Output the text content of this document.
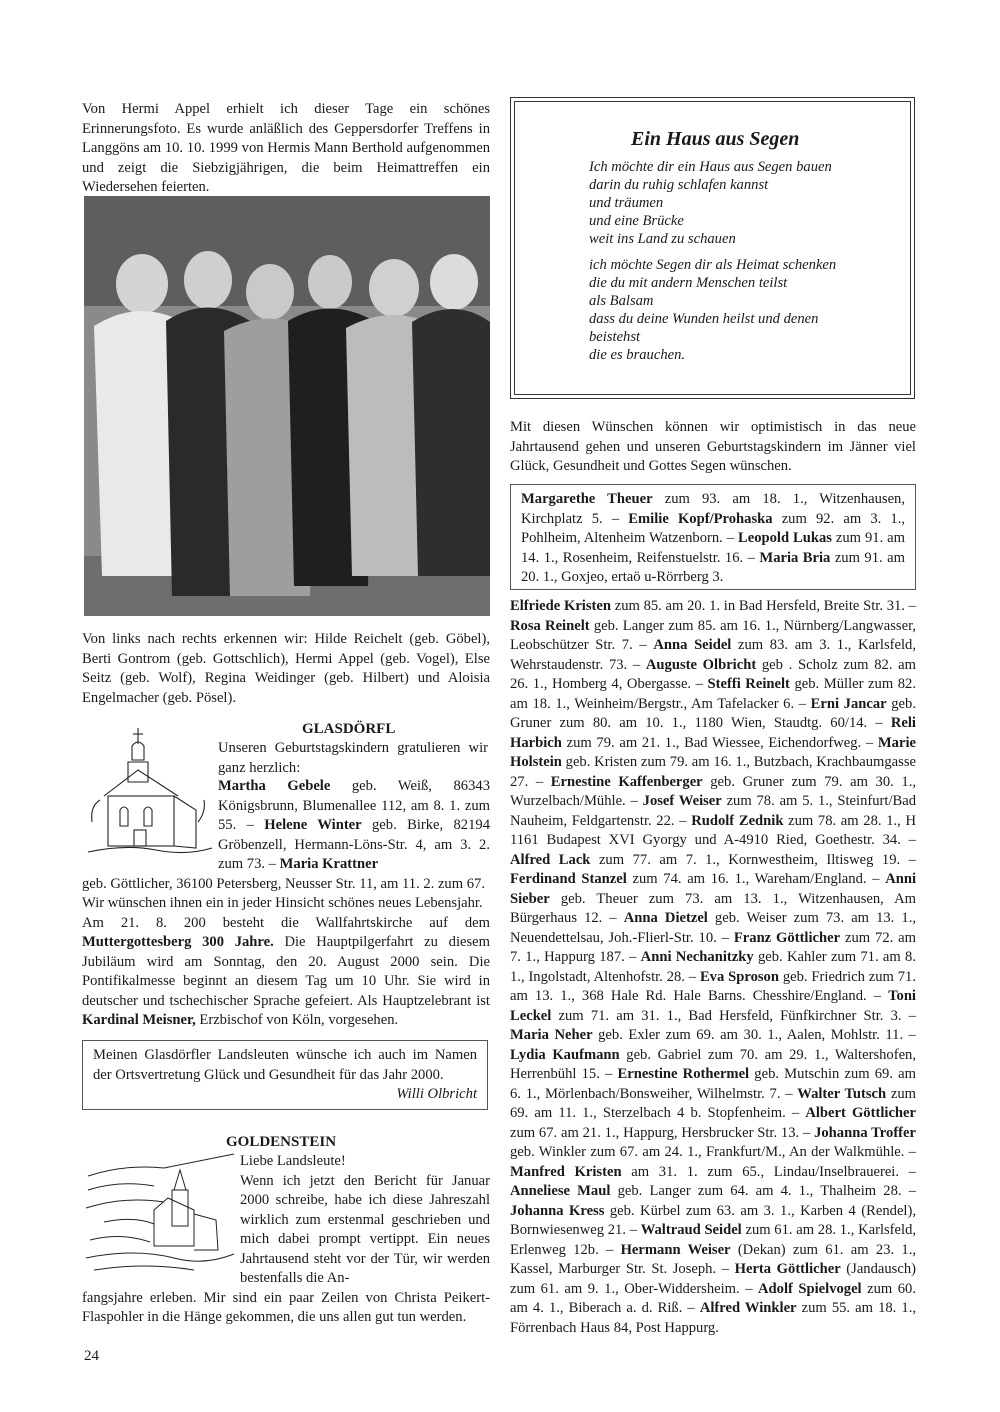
Von Hermi Appel erhielt ich dieser Tage ein schönes Erinnerungsfoto. Es wurde anläßlich des Geppersdorfer Treffens in Langgöns am 10. 10. 1999 von Hermis Mann Berthold aufgenommen und zeigt die Siebzigjährigen, die beim Heimattreffen ein Wiedersehen feierten.
Von links nach rechts erkennen wir: Hilde Reichelt (geb. Göbel), Berti Gontrom (geb. Gottschlich), Hermi Appel (geb. Vogel), Else Seitz (geb. Wolf), Regina Weidinger (geb. Hilbert) und Aloisia Engelmacher (geb. Pösel).
Ein Haus aus Segen
Ich möchte dir ein Haus aus Segen bauen
darin du ruhig schlafen kannst
und träumen
und eine Brücke
weit ins Land zu schauen
ich möchte Segen dir als Heimat schenken
die du mit andern Menschen teilst
als Balsam
dass du deine Wunden heilst und denen
beistehst
die es brauchen.
Mit diesen Wünschen können wir optimistisch in das neue Jahrtausend gehen und unseren Geburtstagskindern im Jänner viel Glück, Gesundheit und Gottes Segen wünschen.
Margarethe Theuer zum 93. am 18. 1., Witzenhausen, Kirchplatz 5. – Emilie Kopf/Prohaska zum 92. am 3. 1., Pohlheim, Altenheim Watzenborn. – Leopold Lukas zum 91. am 14. 1., Rosenheim, Reifenstuelstr. 16. – Maria Bria zum 91. am 20. 1., Goxjeo, ertaö u-Rörrberg 3.
Elfriede Kristen zum 85. am 20. 1. in Bad Hersfeld, Breite Str. 31. – Rosa Reinelt geb. Langer zum 85. am 16. 1., Nürnberg/Langwasser, Leobschützer Str. 7. – Anna Seidel zum 83. am 3. 1., Karlsfeld, Wehrstaudenstr. 73. – Auguste Olbricht geb . Scholz zum 82. am 26. 1., Homberg 4, Obergasse. – Steffi Reinelt geb. Müller zum 82. am 18. 1., Weinheim/Bergstr., Am Tafelacker 6. – Erni Jancar geb. Gruner zum 80. am 10. 1., 1180 Wien, Staudtg. 60/14. – Reli Harbich zum 79. am 21. 1., Bad Wiessee, Eichendorfweg. – Marie Holstein geb. Kristen zum 79. am 16. 1., Butzbach, Krachbaumgasse 27. – Ernestine Kaffenberger geb. Gruner zum 79. am 30. 1., Wurzelbach/Mühle. – Josef Weiser zum 78. am 5. 1., Steinfurt/Bad Nauheim, Feldgartenstr. 22. – Rudolf Zednik zum 78. am 28. 1., H 1161 Budapest XVI Gyorgy und A-4910 Ried, Goethestr. 34. – Alfred Lack zum 77. am 7. 1., Kornwestheim, Iltisweg 19. – Ferdinand Stanzel zum 74. am 16. 1., Wareham/England. – Anni Sieber geb. Theuer zum 73. am 13. 1., Witzenhausen, Am Bürgerhaus 12. – Anna Dietzel geb. Weiser zum 73. am 13. 1., Neuendettelsau, Joh.-Flierl-Str. 10. – Franz Göttlicher zum 72. am 7. 1., Happurg 187. – Anni Nechanitzky geb. Kahler zum 71. am 8. 1., Ingolstadt, Altenhofstr. 28. – Eva Sproson geb. Friedrich zum 71. am 13. 1., 368 Hale Rd. Hale Barns. Chesshire/England. – Toni Leckel zum 71. am 31. 1., Bad Hersfeld, Fünfkirchner Str. 3. – Maria Neher geb. Exler zum 69. am 30. 1., Aalen, Mohlstr. 11. – Lydia Kaufmann geb. Gabriel zum 70. am 29. 1., Waltershofen, Herrenbühl 15. – Ernestine Rothermel geb. Mutschin zum 69. am 6. 1., Mörlenbach/Bonsweiher, Wilhelmstr. 7. – Walter Tutsch zum 69. am 11. 1., Sterzelbach 4 b. Stopfenheim. – Albert Göttlicher zum 67. am 21. 1., Happurg, Hersbrucker Str. 13. – Johanna Troffer geb. Winkler zum 67. am 24. 1., Frankfurt/M., An der Walkmühle. – Manfred Kristen am 31. 1. zum 65., Lindau/Inselbrauerei. – Anneliese Maul geb. Langer zum 64. am 4. 1., Thalheim 28. – Johanna Kress geb. Kürbel zum 63. am 3. 1., Karben 4 (Rendel), Bornwiesenweg 21. – Waltraud Seidel zum 61. am 28. 1., Karlsfeld, Erlenweg 12b. – Hermann Weiser (Dekan) zum 61. am 23. 1., Kassel, Marburger Str. St. Joseph. – Herta Göttlicher (Jandausch) zum 61. am 9. 1., Ober-Widdersheim. – Adolf Spielvogel zum 60. am 4. 1., Biberach a. d. Riß. – Alfred Winkler zum 55. am 18. 1., Förrenbach Haus 84, Post Happurg.
GLASDÖRFL
Unseren Geburtstagskindern gratulieren wir ganz herzlich:
Martha Gebele geb. Weiß, 86343 Königsbrunn, Blumenallee 112, am 8. 1. zum 55. – Helene Winter geb. Birke, 82194 Gröbenzell, Hermann-Löns-Str. 4, am 3. 2. zum 73. – Maria Krattner
geb. Göttlicher, 36100 Petersberg, Neusser Str. 11, am 11. 2. zum 67.
Wir wünschen ihnen ein in jeder Hinsicht schönes neues Lebensjahr.
Am 21. 8. 200 besteht die Wallfahrtskirche auf dem Muttergottesberg 300 Jahre. Die Hauptpilgerfahrt zu diesem Jubiläum wird am Sonntag, den 20. August 2000 sein. Die Pontifikalmesse beginnt an diesem Tag um 10 Uhr. Sie wird in deutscher und tschechischer Sprache gefeiert. Als Hauptzelebrant ist Kardinal Meisner, Erzbischof von Köln, vorgesehen.
Meinen Glasdörfler Landsleuten wünsche ich auch im Namen der Ortsvertretung Glück und Gesundheit für das Jahr 2000.
Willi Olbricht
GOLDENSTEIN
Liebe Landsleute!
Wenn ich jetzt den Bericht für Januar 2000 schreibe, habe ich diese Jahreszahl wirklich zum erstenmal geschrieben und mich dabei prompt vertippt. Ein neues Jahrtausend steht vor der Tür, wir werden bestenfalls die An-
fangsjahre erleben. Mir sind ein paar Zeilen von Christa Peikert-Flaspohler in die Hänge gekommen, die uns allen gut tun werden.
24
